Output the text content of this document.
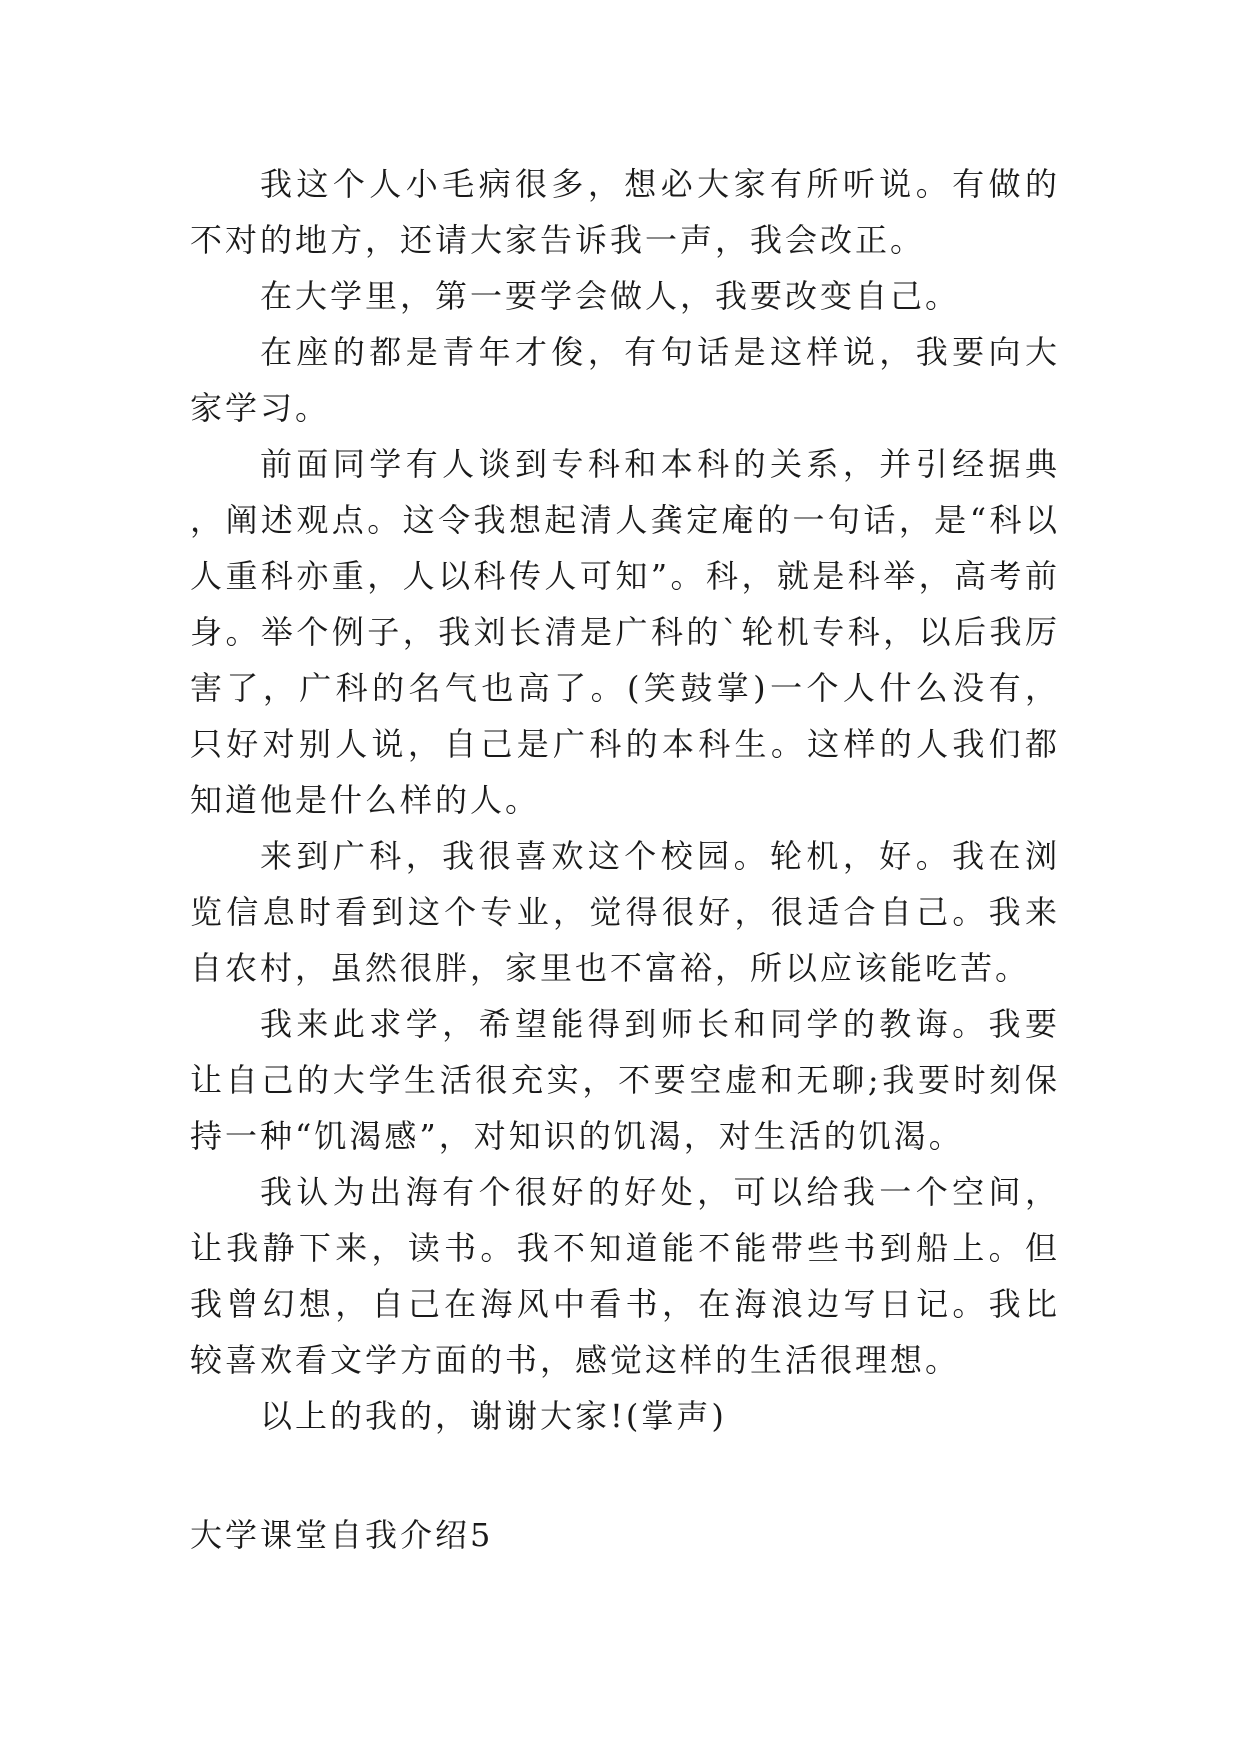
我这个人小毛病很多，想必大家有所听说。有做的不对的地方，还请大家告诉我一声，我会改正。

在大学里，第一要学会做人，我要改变自己。

在座的都是青年才俊，有句话是这样说，我要向大家学习。

前面同学有人谈到专科和本科的关系，并引经据典，阐述观点。这令我想起清人龚定庵的一句话，是“科以人重科亦重，人以科传人可知”。科，就是科举，高考前身。举个例子，我刘长清是广科的`轮机专科，以后我厉害了，广科的名气也高了。(笑鼓掌)一个人什么没有，只好对别人说，自己是广科的本科生。这样的人我们都知道他是什么样的人。

来到广科，我很喜欢这个校园。轮机，好。我在浏览信息时看到这个专业，觉得很好，很适合自己。我来自农村，虽然很胖，家里也不富裕，所以应该能吃苦。

我来此求学，希望能得到师长和同学的教诲。我要让自己的大学生活很充实，不要空虚和无聊;我要时刻保持一种“饥渴感”，对知识的饥渴，对生活的饥渴。

我认为出海有个很好的好处，可以给我一个空间，让我静下来，读书。我不知道能不能带些书到船上。但我曾幻想，自己在海风中看书，在海浪边写日记。我比较喜欢看文学方面的书，感觉这样的生活很理想。

以上的我的，谢谢大家!(掌声)

大学课堂自我介绍5
